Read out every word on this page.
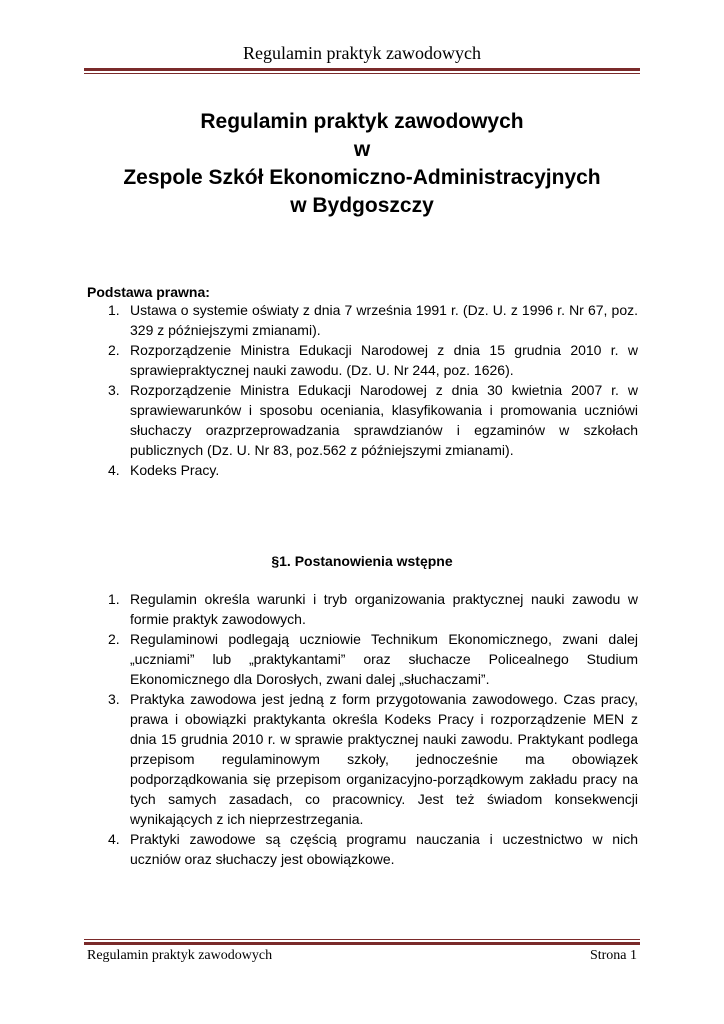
Regulamin praktyk zawodowych
Regulamin praktyk zawodowych
w
Zespole Szkół Ekonomiczno-Administracyjnych
w Bydgoszczy
Podstawa prawna:
1. Ustawa o systemie oświaty z dnia 7 września 1991 r. (Dz. U. z 1996 r. Nr 67, poz. 329 z późniejszymi zmianami).
2. Rozporządzenie Ministra Edukacji Narodowej z dnia 15 grudnia 2010 r. w sprawiepraktycznej nauki zawodu. (Dz. U. Nr 244, poz. 1626).
3. Rozporządzenie Ministra Edukacji Narodowej z dnia 30 kwietnia 2007 r. w sprawiewarunków i sposobu oceniania, klasyfikowania i promowania uczniówi słuchaczy orazprzeprowadzania sprawdzianów i egzaminów w szkołach publicznych (Dz. U. Nr 83, poz.562 z późniejszymi zmianami).
4. Kodeks Pracy.
§1. Postanowienia wstępne
1. Regulamin określa warunki i tryb organizowania praktycznej nauki zawodu w formie praktyk zawodowych.
2. Regulaminowi podlegają uczniowie Technikum Ekonomicznego, zwani dalej „uczniami” lub „praktykantami” oraz słuchacze Policealnego Studium Ekonomicznego dla Dorosłych, zwani dalej „słuchaczami”.
3. Praktyka zawodowa jest jedną z form przygotowania zawodowego. Czas pracy, prawa i obowiązki praktykanta określa Kodeks Pracy i rozporządzenie MEN z dnia 15 grudnia 2010 r. w sprawie praktycznej nauki zawodu. Praktykant podlega przepisom regulaminowym szkoły, jednocześnie ma obowiązek podporządkowania się przepisom organizacyjno-porządkowym zakładu pracy na tych samych zasadach, co pracownicy. Jest też świadom konsekwencji wynikających z ich nieprzestrzegania.
4. Praktyki zawodowe są częścią programu nauczania i uczestnictwo w nich uczniów oraz słuchaczy jest obowiązkowe.
Regulamin praktyk zawodowych	Strona 1
